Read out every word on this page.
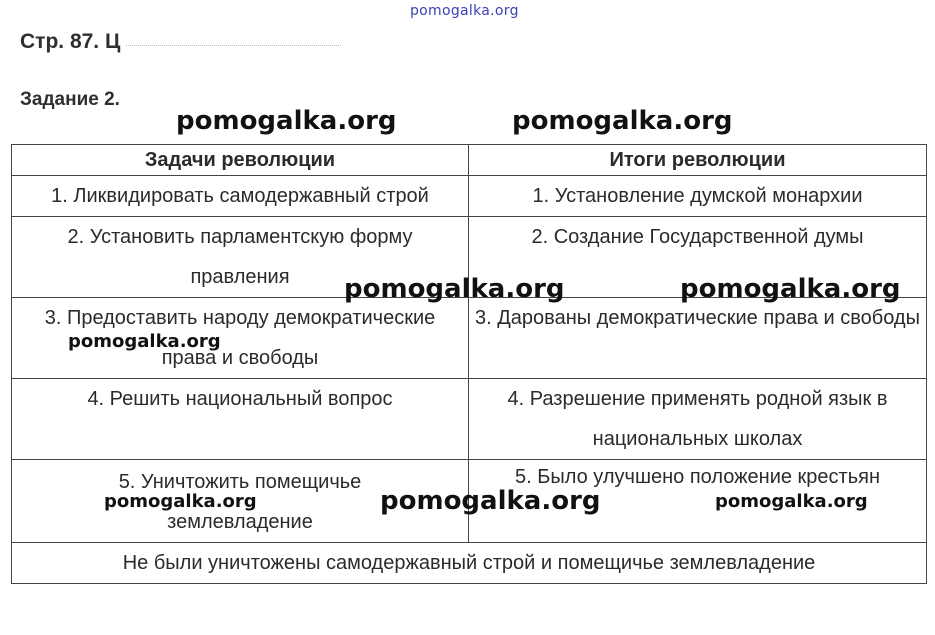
pomogalka.org
Стр. 87. Ц
Задание 2.
Задачи революции	Итоги революции
1. Ликвидировать самодержавный строй	1. Установление думской монархии
2. Установить парламентскую форму правления	2. Создание Государственной думы
3. Предоставить народу демократические права и свободы	3. Дарованы демократические права и свободы
4. Решить национальный вопрос	4. Разрешение применять родной язык в национальных школах
5. Уничтожить помещичье землевладение	5. Было улучшено положение крестьян
Не были уничтожены самодержавный строй и помещичье землевладение	
pomogalka.org	pomogalka.org
pomogalka.org	pomogalka.org
pomogalka.org
pomogalka.org	pomogalka.org	pomogalka.org
